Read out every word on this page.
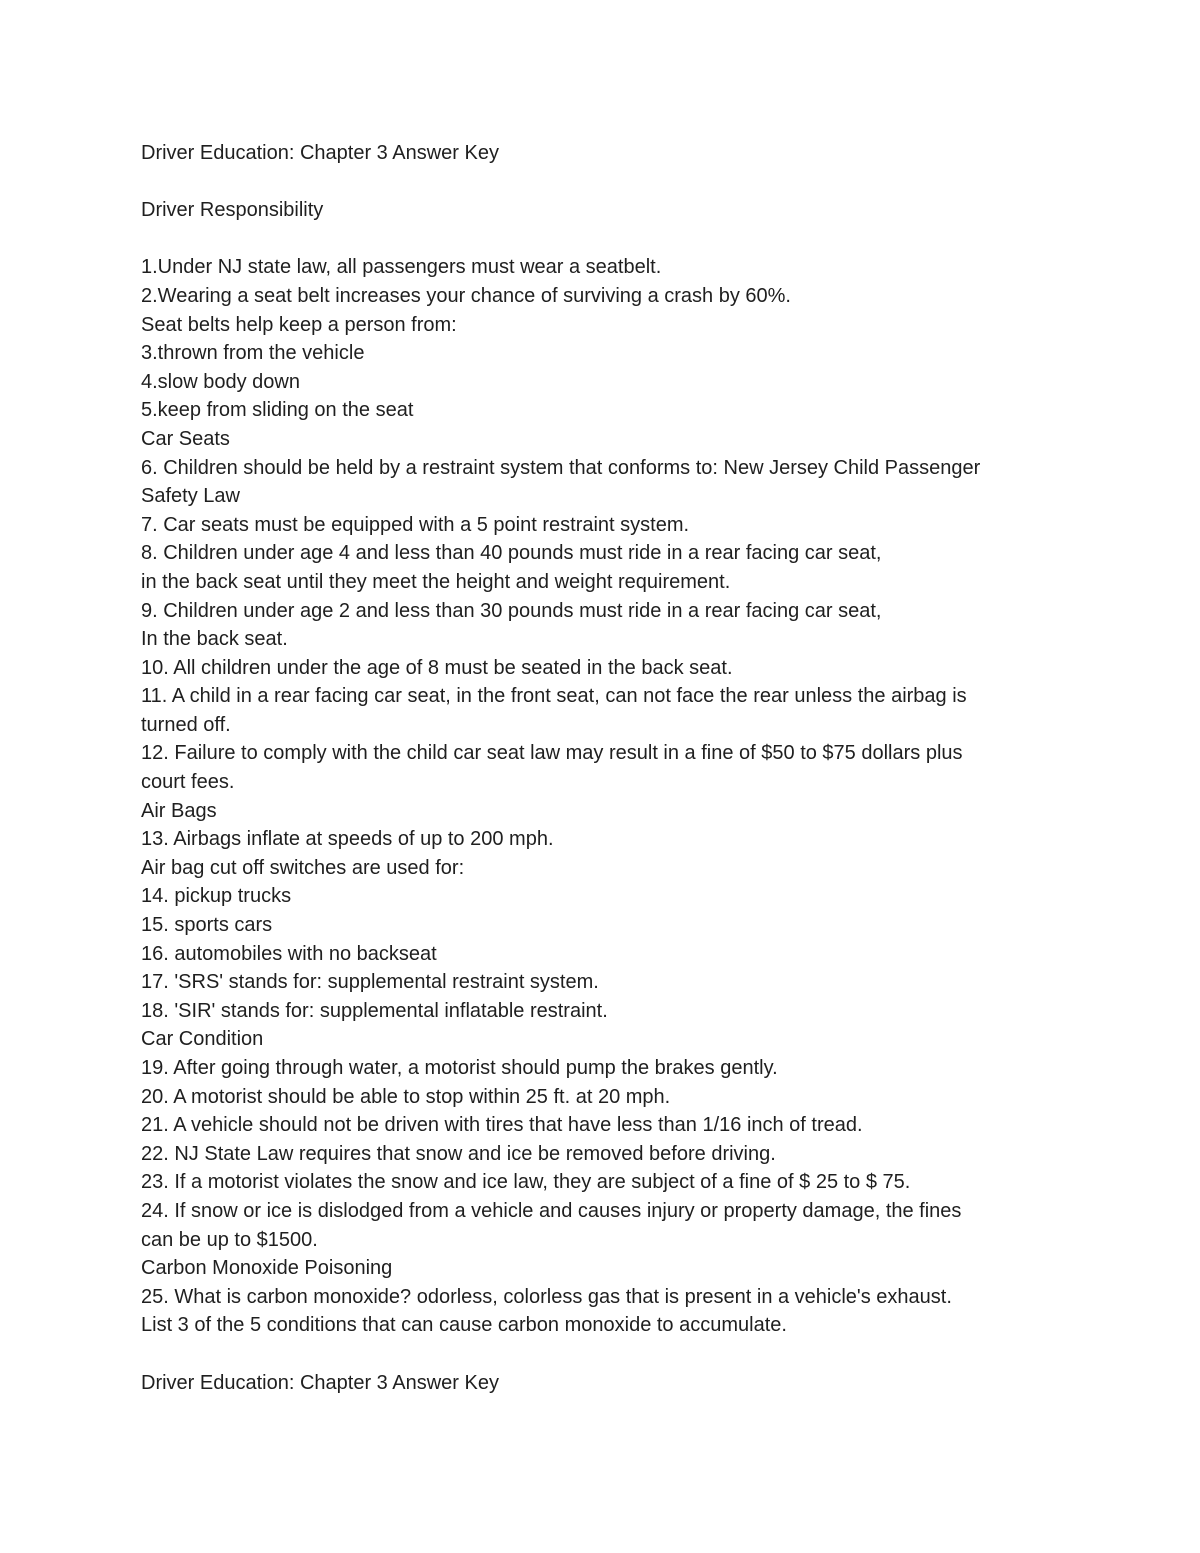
Driver Education: Chapter 3 Answer Key

Driver Responsibility

1.Under NJ state law, all passengers must wear a seatbelt.

2.Wearing a seat belt increases your chance of surviving a crash by 60%.

Seat belts help keep a person from:

3.thrown from the vehicle

4.slow body down

5.keep from sliding on the seat

Car Seats

6. Children should be held by a restraint system that conforms to: New Jersey Child Passenger

Safety Law

7. Car seats must be equipped with a 5 point restraint system.

8. Children under age 4 and less than 40 pounds must ride in a rear facing car seat,

in the back seat until they meet the height and weight requirement.

9. Children under age 2 and less than 30 pounds must ride in a rear facing car seat,

In the back seat.

10. All children under the age of 8 must be seated in the back seat.

11. A child in a rear facing car seat, in the front seat, can not face the rear unless the airbag is

turned off.

12. Failure to comply with the child car seat law may result in a fine of $50 to $75 dollars plus

court fees.

Air Bags

13. Airbags inflate at speeds of up to 200 mph.

Air bag cut off switches are used for:

14. pickup trucks

15. sports cars

16. automobiles with no backseat

17. 'SRS' stands for: supplemental restraint system.

18. 'SIR' stands for: supplemental inflatable restraint.

Car Condition

19. After going through water, a motorist should pump the brakes gently.

20. A motorist should be able to stop within 25 ft. at 20 mph.

21. A vehicle should not be driven with tires that have less than 1/16 inch of tread.

22. NJ State Law requires that snow and ice be removed before driving.

23. If a motorist violates the snow and ice law, they are subject of a fine of $ 25 to $ 75.

24. If snow or ice is dislodged from a vehicle and causes injury or property damage, the fines

can be up to $1500.

Carbon Monoxide Poisoning

25. What is carbon monoxide? odorless, colorless gas that is present in a vehicle's exhaust.

List 3 of the 5 conditions that can cause carbon monoxide to accumulate.

Driver Education: Chapter 3 Answer Key
